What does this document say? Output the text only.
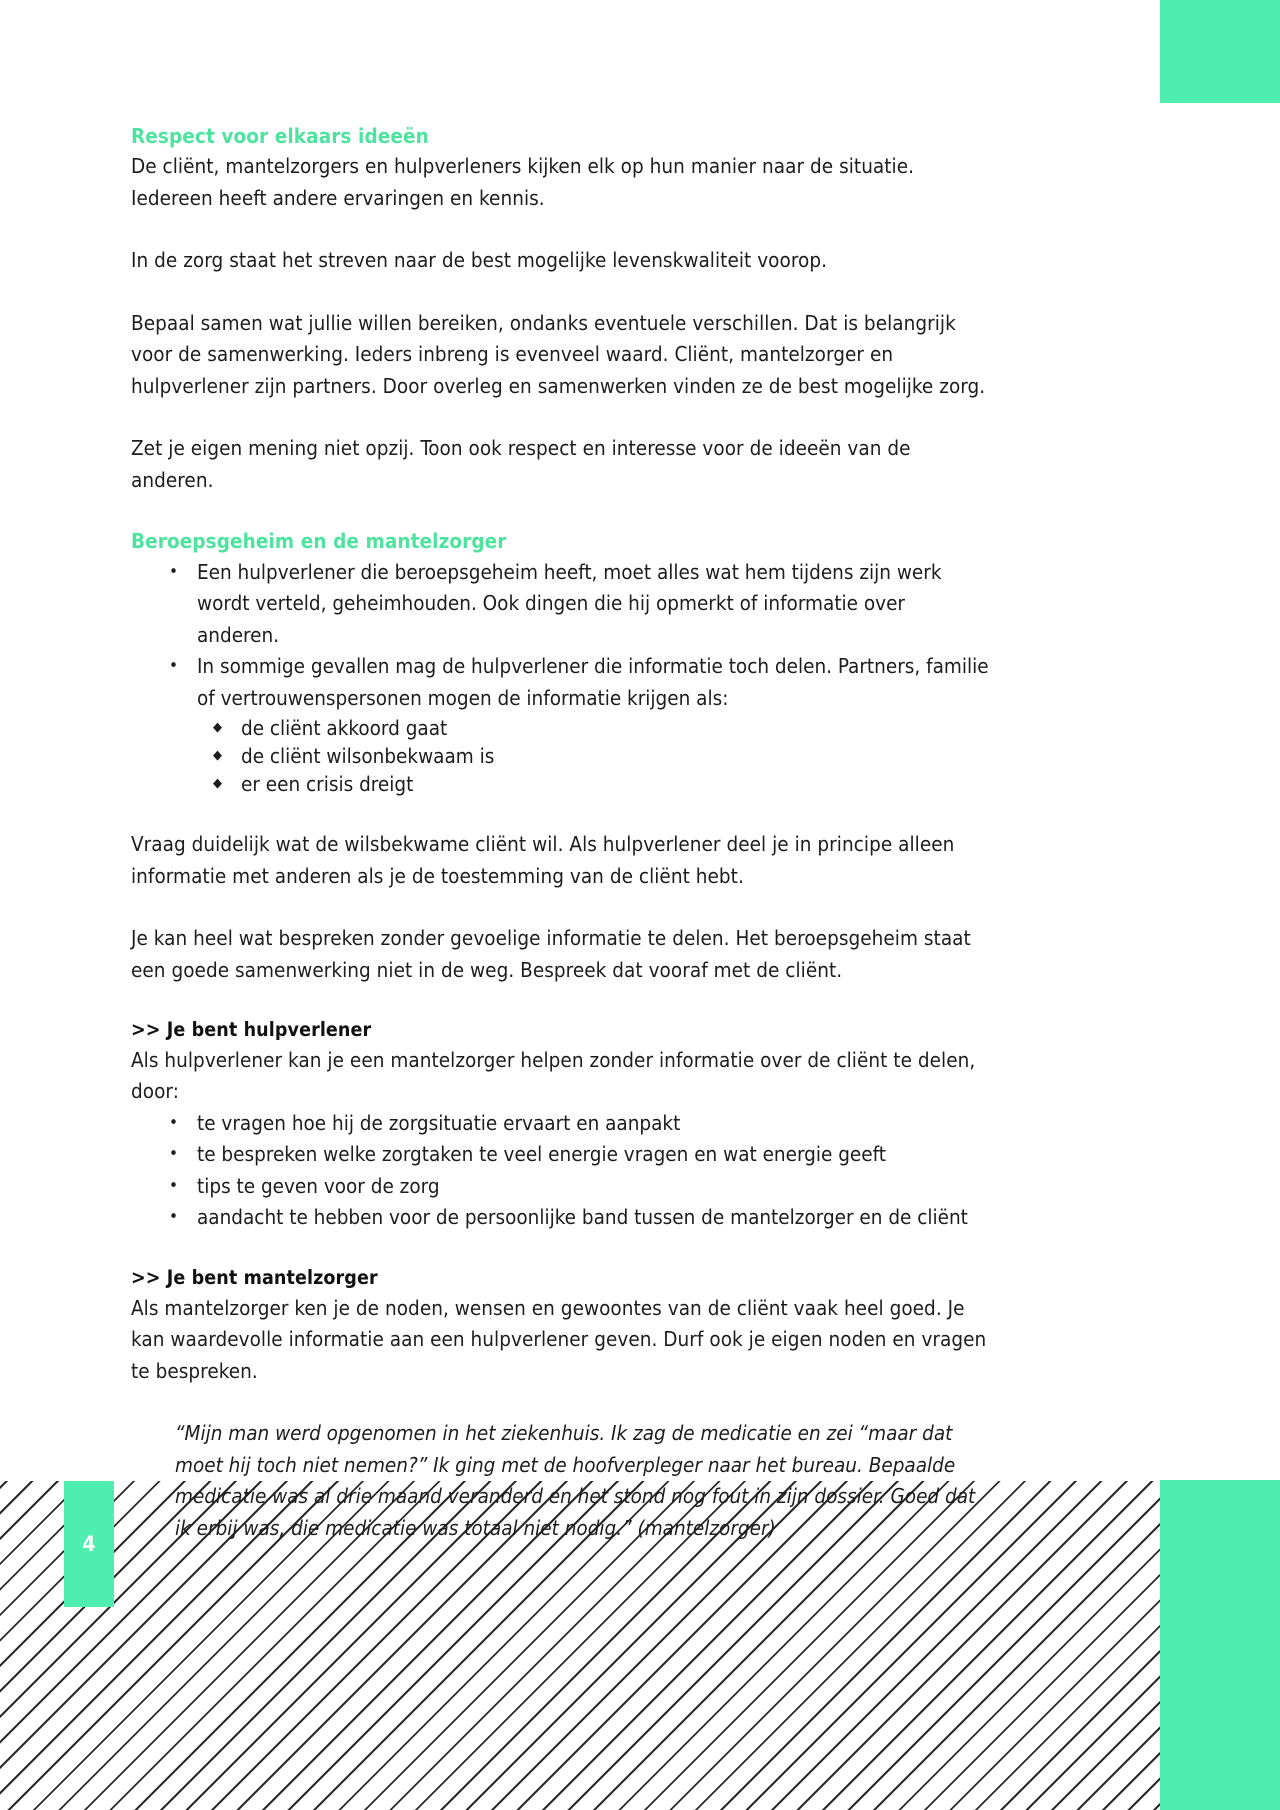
Respect voor elkaars ideeën

De cliënt, mantelzorgers en hulpverleners kijken elk op hun manier naar de situatie. Iedereen heeft andere ervaringen en kennis.

In de zorg staat het streven naar de best mogelijke levenskwaliteit voorop.

Bepaal samen wat jullie willen bereiken, ondanks eventuele verschillen. Dat is belangrijk voor de samenwerking. Ieders inbreng is evenveel waard. Cliënt, mantelzorger en hulpverlener zijn partners. Door overleg en samenwerken vinden ze de best mogelijke zorg.

Zet je eigen mening niet opzij. Toon ook respect en interesse voor de ideeën van de anderen.

Beroepsgeheim en de mantelzorger
• Een hulpverlener die beroepsgeheim heeft, moet alles wat hem tijdens zijn werk wordt verteld, geheimhouden. Ook dingen die hij opmerkt of informatie over anderen.
• In sommige gevallen mag de hulpverlener die informatie toch delen. Partners, familie of vertrouwenspersonen mogen de informatie krijgen als:
◆ de cliënt akkoord gaat
◆ de cliënt wilsonbekwaam is
◆ er een crisis dreigt

Vraag duidelijk wat de wilsbekwame cliënt wil. Als hulpverlener deel je in principe alleen informatie met anderen als je de toestemming van de cliënt hebt.

Je kan heel wat bespreken zonder gevoelige informatie te delen. Het beroepsgeheim staat een goede samenwerking niet in de weg. Bespreek dat vooraf met de cliënt.

>> Je bent hulpverlener

Als hulpverlener kan je een mantelzorger helpen zonder informatie over de cliënt te delen, door:

• te vragen hoe hij de zorgsituatie ervaart en aanpakt
• te bespreken welke zorgtaken te veel energie vragen en wat energie geeft
• tips te geven voor de zorg
• aandacht te hebben voor de persoonlijke band tussen de mantelzorger en de cliënt
>> Je bent mantelzorger

Als mantelzorger ken je de noden, wensen en gewoontes van de cliënt vaak heel goed. Je kan waardevolle informatie aan een hulpverlener geven. Durf ook je eigen noden en vragen te bespreken.

“Mijn man werd opgenomen in het ziekenhuis. Ik zag de medicatie en zei “maar dat moet hij toch niet nemen?” Ik ging met de hoofverpleger naar het bureau. Bepaalde medicatie was al drie maand veranderd en het stond nog fout in zijn dossier. Goed dat ik erbij was, die medicatie was totaal niet nodig.” (mantelzorger)
4
